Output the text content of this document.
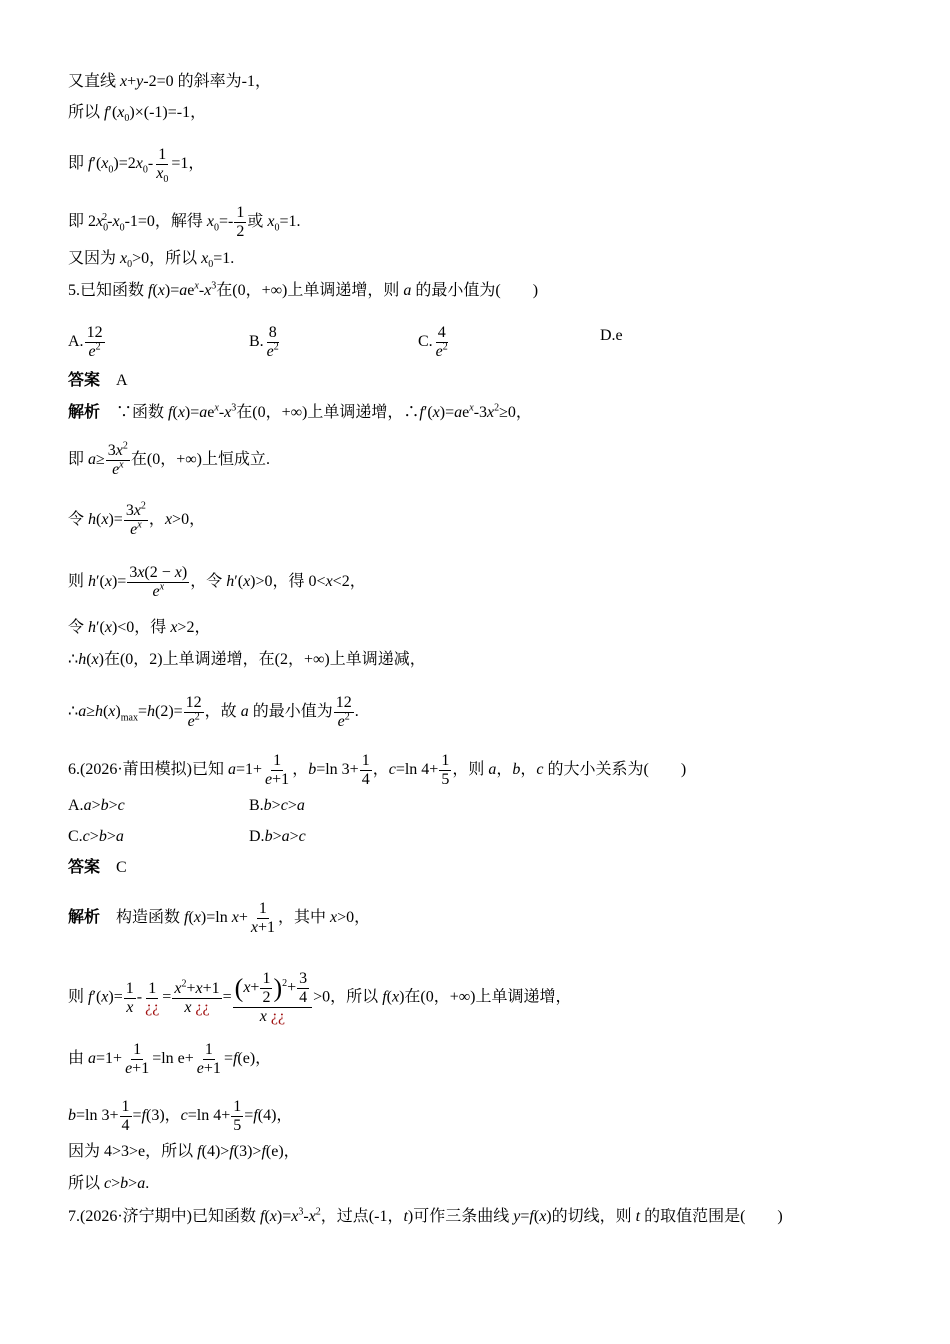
又直线 x+y-2=0 的斜率为-1，
所以 $f'(x_0)\times(-1)=-1$，
即 $f'(x_0)=2x_0- \frac{1}{x_0} =1$，
即 $2x_0^2-x_0-1=0$，解得 $x_0=- \frac{1}{2}$ 或 $x_0=1$.
又因为 $x_0>0$，所以 $x_0=1$.
5.已知函数 $f(x)=ae^x-x^3$在(0，+∞)上单调递增，则 a 的最小值为(　　)
A. $\frac{12}{e^2}$	B. $\frac{8}{e^2}$	C. $\frac{4}{e^2}$	D.e
答案　 A
解析　∵函数 $f(x)=ae^x-x^3$在(0，+∞)上单调递增，$\therefore f'(x)=ae^x-3x^2\ge 0$，
即 $a\ge \frac{3x^2}{e^x}$ 在(0，+∞)上恒成立.
令 $h(x)= \frac{3x^2}{e^x}$ ，x>0，
则 $h'(x)= \frac{3x(2 - x)}{e^x}$ ，令 h′(x)>0，得 0<x<2，
令 h′(x)<0，得 x>2，
∴h(x)在(0，2)上单调递增，在(2，+∞)上单调递减，
$\therefore a\ge h(x)_{max}=h(2)= \frac{12}{e^2}$ ，故 a 的最小值为 $\frac{12}{e^2}$ .
6.(2026·莆田模拟)已知 $a=1+ \frac{1}{e+1}$ ，b=ln $3+ \frac{1}{4}$ ，c=ln $4+ \frac{1}{5}$ ，则 a，b，c 的大小关系为(　　)
A.a>b>c	B.b>c>a
C.c>b>a	D.b>a>c
答案　 C
解析　构造函数 f(x)=ln $x+ \frac{1}{x+1}$ ，其中 x>0，
则 $f'(x)= \frac{1}{x} - \frac{1}{¿¿} = \frac{x^2+x+1}{x ¿¿} = \frac{(x+ \frac{1}{2} )^2+ \frac{3}{4}}{x ¿¿} >0$，所以 f(x)在(0，+∞)上单调递增，
由 $a=1+ \frac{1}{e+1} =\ln$ $e+ \frac{1}{e+1} =f(e)$，
b=ln $3+ \frac{1}{4} =f(3)$，c=ln $4+ \frac{1}{5} =f(4)$，
因为 4>3>e，所以 f(4)>f(3)>f(e)，
所以 c>b>a.
7.(2026·济宁期中)已知函数 $f(x)=x^3-x^2$，过点(-1，t)可作三条曲线 y=f(x)的切线，则 t 的取值范围是(　　)
